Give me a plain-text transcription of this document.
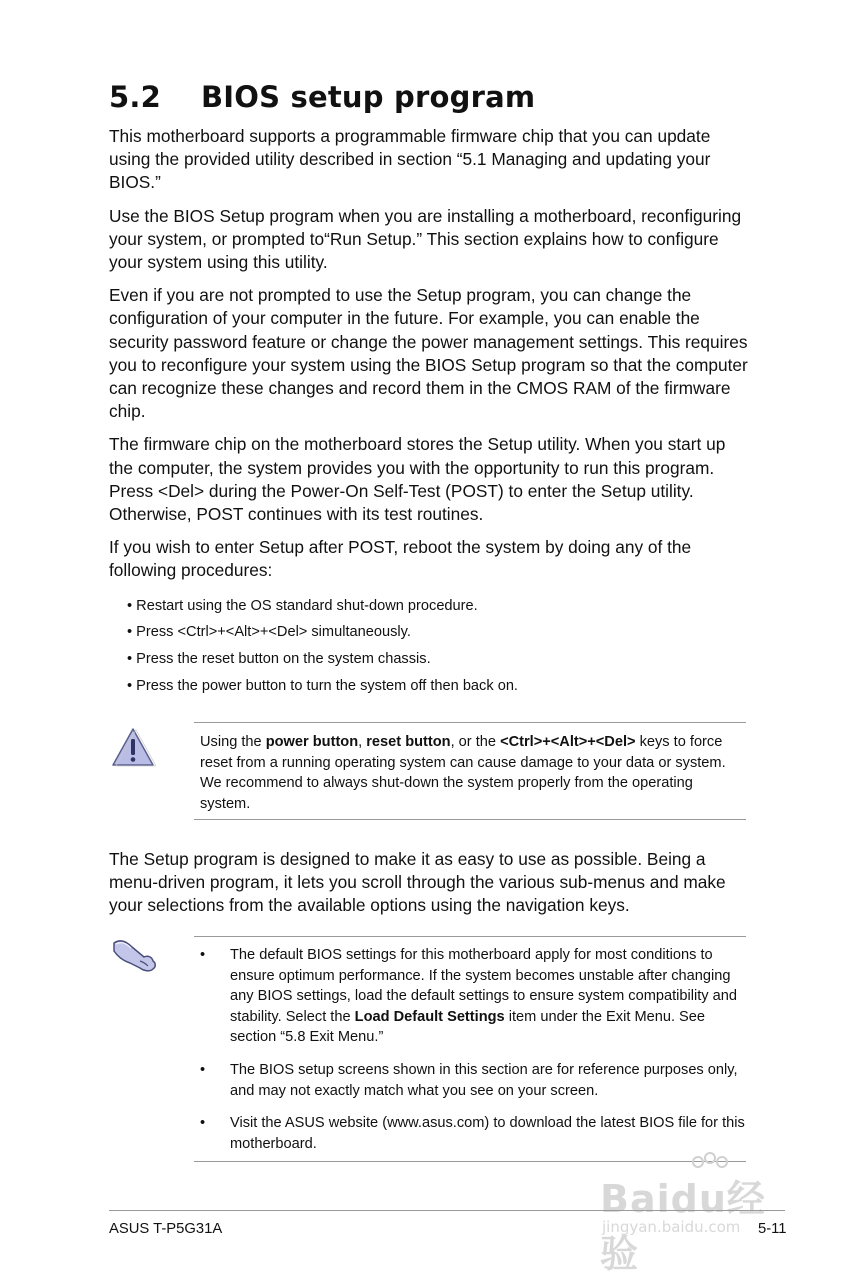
5.2 BIOS setup program

This motherboard supports a programmable firmware chip that you can update using the provided utility described in section “5.1 Managing and updating your BIOS.”

Use the BIOS Setup program when you are installing a motherboard, reconfiguring your system, or prompted to“Run Setup.” This section explains how to configure your system using this utility.

Even if you are not prompted to use the Setup program, you can change the configuration of your computer in the future. For example, you can enable the security password feature or change the power management settings. This requires you to reconfigure your system using the BIOS Setup program so that the computer can recognize these changes and record them in the CMOS RAM of the firmware chip.

The firmware chip on the motherboard stores the Setup utility. When you start up the computer, the system provides you with the opportunity to run this program. Press <Del> during the Power-On Self-Test (POST) to enter the Setup utility. Otherwise, POST continues with its test routines.

If you wish to enter Setup after POST, reboot the system by doing any of the following procedures:

• Restart using the OS standard shut-down procedure.
• Press <Ctrl>+<Alt>+<Del> simultaneously.
• Press the reset button on the system chassis.
• Press the power button to turn the system off then back on.

Using the power button, reset button, or the <Ctrl>+<Alt>+<Del> keys to force reset from a running operating system can cause damage to your data or system. We recommend to always shut-down the system properly from the operating system.

The Setup program is designed to make it as easy to use as possible. Being a menu-driven program, it lets you scroll through the various sub-menus and make your selections from the available options using the navigation keys.

• The default BIOS settings for this motherboard apply for most conditions to ensure optimum performance. If the system becomes unstable after changing any BIOS settings, load the default settings to ensure system compatibility and stability. Select the Load Default Settings item under the Exit Menu. See section “5.8 Exit Menu.”
• The BIOS setup screens shown in this section are for reference purposes only, and may not exactly match what you see on your screen.
• Visit the ASUS website (www.asus.com) to download the latest BIOS file for this motherboard.
Baidu经验
jingyan.baidu.com
ASUS T-P5G31A	5-11
